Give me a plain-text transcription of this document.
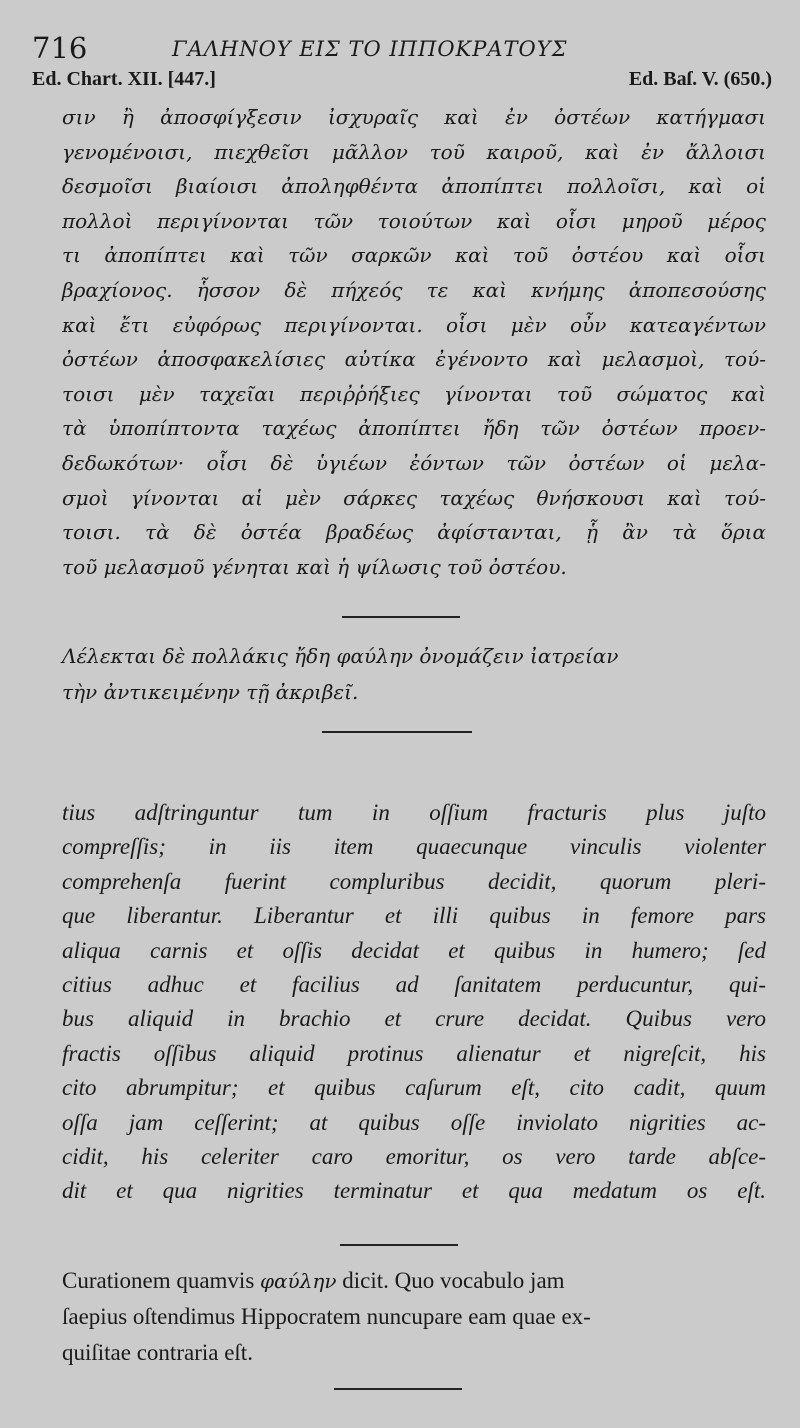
716	ΓΑΛΗΝΟΥ ΕΙΣ ΤΟ ΙΠΠΟΚΡΑΤΟΥΣ
Ed. Chart. XII. [447.]	Ed. Baſ. V. (650.)
σιν ἢ ἀποσφίγξεσιν ἰσχυραῖς καὶ ἐν ὀστέων κατήγμασι
γενομένοισι, πιεχθεῖσι μᾶλλον τοῦ καιροῦ, καὶ ἐν ἄλλοισι
δεσμοῖσι βιαίοισι ἀποληφθέντα ἀποπίπτει πολλοῖσι, καὶ οἱ
πολλοὶ περιγίνονται τῶν τοιούτων καὶ οἷσι μηροῦ μέρος
τι ἀποπίπτει καὶ τῶν σαρκῶν καὶ τοῦ ὀστέου καὶ οἷσι
βραχίονος. ἧσσον δὲ πήχεός τε καὶ κνήμης ἀποπεσούσης
καὶ ἔτι εὐφόρως περιγίνονται. οἷσι μὲν οὖν κατεαγέντων
ὀστέων ἀποσφακελίσιες αὐτίκα ἐγένοντο καὶ μελασμοὶ, τού-
τοισι μὲν ταχεῖαι περιῤῥήξιες γίνονται τοῦ σώματος καὶ
τὰ ὑποπίπτοντα ταχέως ἀποπίπτει ἤδη τῶν ὀστέων προεν-
δεδωκότων· οἷσι δὲ ὑγιέων ἐόντων τῶν ὀστέων οἱ μελα-
σμοὶ γίνονται αἱ μὲν σάρκες ταχέως θνήσκουσι καὶ τού-
τοισι. τὰ δὲ ὀστέα βραδέως ἀφίστανται, ᾗ ἂν τὰ ὅρια
τοῦ μελασμοῦ γένηται καὶ ἡ ψίλωσις τοῦ ὀστέου.
Λέλεκται δὲ πολλάκις ἤδη φαύλην ὀνομάζειν ἰατρείαν
τὴν ἀντικειμένην τῇ ἀκριβεῖ.
tius adſtringuntur tum in oſſium fracturis plus juſto
compreſſis; in iis item quaecunque vinculis violenter
comprehenſa fuerint compluribus decidit, quorum pleri-
que liberantur. Liberantur et illi quibus in femore pars
aliqua carnis et oſſis decidat et quibus in humero; ſed
citius adhuc et facilius ad ſanitatem perducuntur, qui-
bus aliquid in brachio et crure decidat. Quibus vero
fractis oſſibus aliquid protinus alienatur et nigreſcit, his
cito abrumpitur; et quibus caſurum eſt, cito cadit, quum
oſſa jam ceſſerint; at quibus oſſe inviolato nigrities ac-
cidit, his celeriter caro emoritur, os vero tarde abſce-
dit et qua nigrities terminatur et qua medatum os eſt.
Curationem quamvis φαύλην dicit. Quo vocabulo jam
ſaepius oſtendimus Hippocratem nuncupare eam quae ex-
quiſitae contraria eſt.
